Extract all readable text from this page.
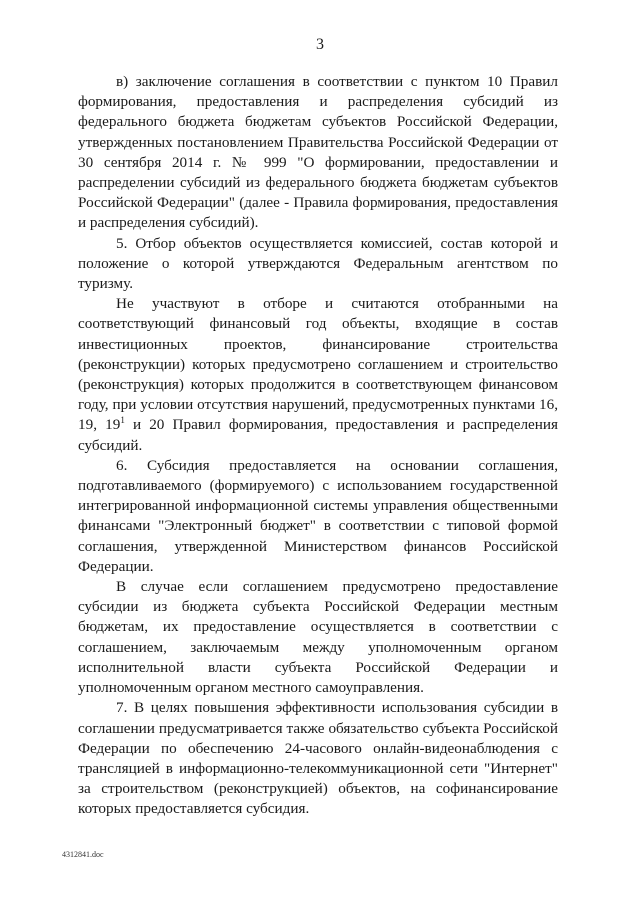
3

в) заключение соглашения в соответствии с пунктом 10 Правил формирования, предоставления и распределения субсидий из федерального бюджета бюджетам субъектов Российской Федерации, утвержденных постановлением Правительства Российской Федерации от 30 сентября 2014 г. № 999 "О формировании, предоставлении и распределении субсидий из федерального бюджета бюджетам субъектов Российской Федерации" (далее - Правила формирования, предоставления и распределения субсидий).

5. Отбор объектов осуществляется комиссией, состав которой и положение о которой утверждаются Федеральным агентством по туризму.

Не участвуют в отборе и считаются отобранными на соответствующий финансовый год объекты, входящие в состав инвестиционных проектов, финансирование строительства (реконструкции) которых предусмотрено соглашением и строительство (реконструкция) которых продолжится в соответствующем финансовом году, при условии отсутствия нарушений, предусмотренных пунктами 16, 19, $19^1$ и 20 Правил формирования, предоставления и распределения субсидий.

6. Субсидия предоставляется на основании соглашения, подготавливаемого (формируемого) с использованием государственной интегрированной информационной системы управления общественными финансами "Электронный бюджет" в соответствии с типовой формой соглашения, утвержденной Министерством финансов Российской Федерации.

В случае если соглашением предусмотрено предоставление субсидии из бюджета субъекта Российской Федерации местным бюджетам, их предоставление осуществляется в соответствии с соглашением, заключаемым между уполномоченным органом исполнительной власти субъекта Российской Федерации и уполномоченным органом местного самоуправления.

7. В целях повышения эффективности использования субсидии в соглашении предусматривается также обязательство субъекта Российской Федерации по обеспечению 24-часового онлайн-видеонаблюдения с трансляцией в информационно-телекоммуникационной сети "Интернет" за строительством (реконструкцией) объектов, на софинансирование которых предоставляется субсидия.

4312841.doc
